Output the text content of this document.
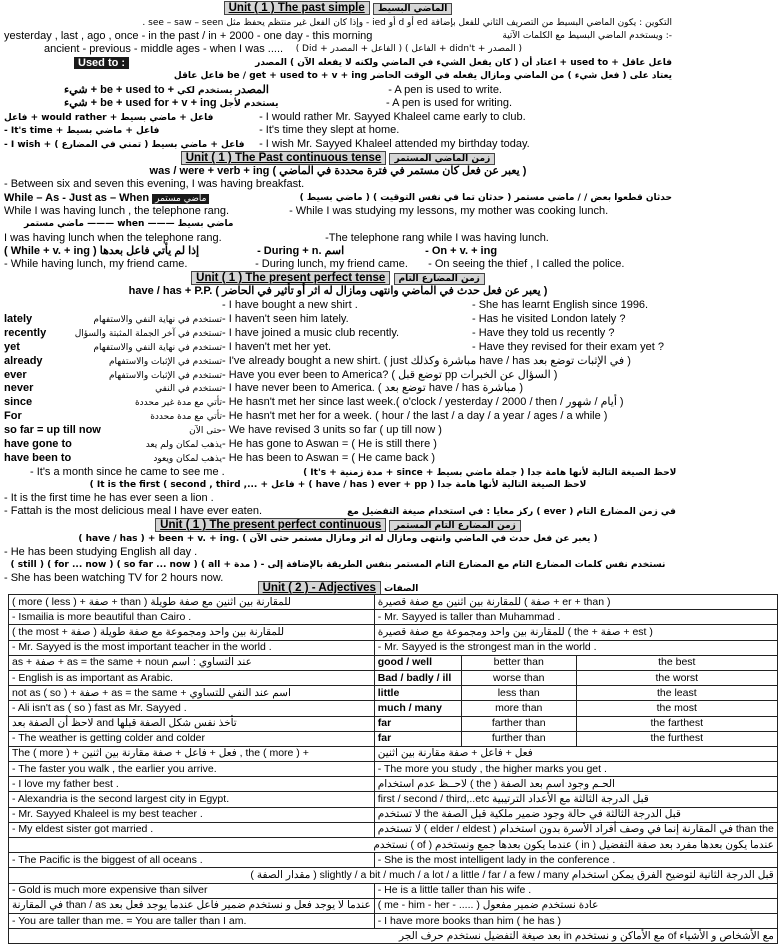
Unit ( 1 ) The past simple الماضي البسيط
التكوين : يكون الماضي البسيط من التصريف الثاني للفعل بإضافة ed أو d أو ied - وإذا كان الفعل غير منتظم يحفظ مثل see – saw – seen .
yesterday , last , ago , once - in the past / in + 2000 - one day - this morning	ويستخدم الماضي البسيط مع الكلمات الآتية :-
ancient - previous - middle ages - when I was ..... ( Did + الفاعل + المصدر ) ( الفاعل + didn't + المصدر )
Used to :	اعتاد أن ( كان يفعل الشيء في الماضي ولكنه لا يفعله الآن ) المصدر + used to + فاعل عاقل
يعتاد على ( فعل شيء ) من الماضي ومازال يفعله في الوقت الحاضر be / get + used to + v + ing فاعل عاقل
شيء + be + used to + المصدر يستخدم لكي	- A pen is used to write.
شيء + be + used for + v + ing يستخدم لأجل	- A pen is used for writing.
فاعل + would rather + فاعل + ماضي بسيط	- I would rather Mr. Sayyed Khaleel came early to club.
- It's time + فاعل + ماضي بسيط	- It's time they slept at home.
- I wish + فاعل + ماضي بسيط ( تمني في المضارع ) - I wish Mr. Sayyed Khaleel attended my birthday today.
Unit ( 1 ) The Past continuous tense زمن الماضي المستمر
was / were + verb + ing ( يعبر عن فعل كان مستمر في فترة محددة في الماضي )
- Between six and seven this evening, I was having breakfast.
While – As - Just as – When ماضي مستمر	( ماضي بسيط ) حدثان قطعوا بعض / / ماضي مستمر ( حدثان تما في نفس التوقيت )
While I was having lunch , the telephone rang.	- While I was studying my lessons, my mother was cooking lunch.
ماضي مستمر ——— when ——— ماضي بسيط
I was having lunch when the telephone rang.	-The telephone rang while I was having lunch.
( While + v. + ing ) إذا لم يأتي فاعل بعدها	- During + n. اسم	- On + v. + ing
- While having lunch, my friend came.	- During lunch, my friend came. - On seeing the thief , I called the police.
Unit ( 1 ) The present perfect tense زمن المضارع التام
have / has + P.P. ( يعبر عن فعل حدث في الماضي وانتهى ومازال له اثر أو تأثير في الحاضر )
- I have bought a new shirt .	- She has learnt English since 1996.
lately	تستخدم في نهاية النفي والاستفهام- I haven't seen him lately.	- Has he visited London lately ?
recently	تستخدم في آخر الجملة المثبتة والسؤال- I have joined a music club recently.	- Have they told us recently ?
yet	تستخدم في نهاية النفي والاستفهام- I haven't met her yet.	- Have they revised for their exam yet ?
already	تستخدم في الإثبات والاستفهام- I've already bought a new shirt. ( just مباشرة وكذلك have / has في الإثبات توضع بعد )
ever	تستخدم في الإثبات والاستفهام- Have you ever been to America? ( توضع قبل pp السؤال عن الخبرات )
never	تستخدم في النفي- I have never been to America. ( توضع بعد have / has مباشرة )
since	تأتي مع مدة غير محددة- He hasn't met her since last week.( o'clock / yesterday / 2000 / then / أيام / شهور )
For	تأتي مع مدة محددة- He hasn't met her for a week. ( hour / the last / a day / a year / ages / a while )
so far = up till now	حتى الآن- We have revised 3 units so far ( up till now )
have gone to	يذهب لمكان ولم يعد- He has gone to Aswan = ( He is still there )
have been to	يذهب لمكان ويعود- He has been to Aswan = ( He came back )
- It's a month since he came to see me .	( It's + مدة زمنية + since + جملة ماضي بسيط ) لاحظ الصيغة التالية لأنها هامة جدا
( It is the first ( second , third ,... + فاعل + ( have / has ) ever + pp ) لاحظ الصيغة التالية لأنها هامة جدا
- It is the first time he has ever seen a lion .
- Fattah is the most delicious meal I have ever eaten.	ركز معايا : في استخدام صيغة التفضيل مع ( ever ) في زمن المضارع التام
Unit ( 1 ) The present perfect continuous زمن المضارع التام المستمر
( have / has ) + been + v. + ing. ( يعبر عن فعل حدث في الماضي وانتهى ومازال له اثر ومازال مستمر حتى الآن )
- He has been studying English all day .
( still ) ( for ... now ) ( so far ... now ) ( all + مدة ) - نستخدم نفس كلمات المضارع التام مع المضارع التام المستمر بنفس الطريقة بالإضافة إلى
- She has been watching TV for 2 hours now.
Unit ( 2 ) - Adjectives الصفات
( more ( less ) + صفة + than ) للمقارنة بين اثنين مع صفة طويلة	للمقارنة بين اثنين مع صفة قصيرة ( صفة + er + than )		
- Ismailia is more beautiful than Cairo .	- Mr. Sayyed is taller than Muhammad .		
( the most + صفة ) للمقارنة بين واحد ومجموعة مع صفة طويلة	للمقارنة بين واحد ومجموعة مع صفة قصيرة ( the + صفة + est )		
- Mr. Sayyed is the most important teacher in the world .	- Mr. Sayyed is the strongest man in the world .		
as + صفة + as = the same + noun عند التساوي : اسم	good / well	better than	the best
- English is as important as Arabic.	Bad / badly / ill	worse than	the worst
not as ( so ) + صفة + as = the same + اسم عند النفي للتساوي	little	less than	the least
- Ali isn't as ( so ) fast as Mr. Sayyed .	much / many	more than	the most
لاحظ أن الصفة بعد and تأخذ نفس شكل الصفة قبلها	far	farther than	the farthest
- The weather is getting colder and colder	far	further than	the furthest
The ( more ) + فعل + فاعل + صفة مقارنة بين اثنين , the ( more ) +	فعل + فاعل + صفة مقارنة بين اثنين		
- The faster you walk , the earlier you arrive.	- The more you study , the higher marks you get .		
- I love my father best .	لاحــظ عدم استخدام ( the ) الحـم وجود اسم بعد الصفة		
- Alexandria is the second largest city in Egypt.	first / second / third,..etc قبل الدرجة الثالثة مع الأعداد الترتيبية		
- Mr. Sayyed Khaleel is my best teacher .	لا تستخدم the قبل الدرجة الثالثة في حالة وجود ضمير ملكية قبل الصفة		
- My eldest sister got married .	لا تستخدم ( elder / eldest ) في المقارنة إنما في وصف أفراد الأسرة بدون استخدام than the		
نستخدم ( of ) عندما يكون بعدها جمع ونستخدم ( in ) عندما يكون بعدها مفرد بعد صفة التفضيل			
- The Pacific is the biggest of all oceans .	- She is the most intelligent lady in the conference .		
( مقدار الصفة ) slightly / a bit / much / a lot / a little / far / a few / many قبل الدرجة الثانية لتوضيح الفرق يمكن استخدام			
- Gold is much more expensive than silver	- He is a little taller than his wife .		
في المقارنة than / as عندما لا يوجد فعل و نستخدم ضمير فاعل عندما يوجد فعل بعد	( me - him - her - ..... ) عادة نستخدم ضمير مفعول		
- You are taller than me. = You are taller than I am.	- I have more books than him ( he has )		
بعد صيغة التفضيل نستخدم حرف الجر in مع الأماكن و نستخدم of مع الأشخاص و الأشياء			
